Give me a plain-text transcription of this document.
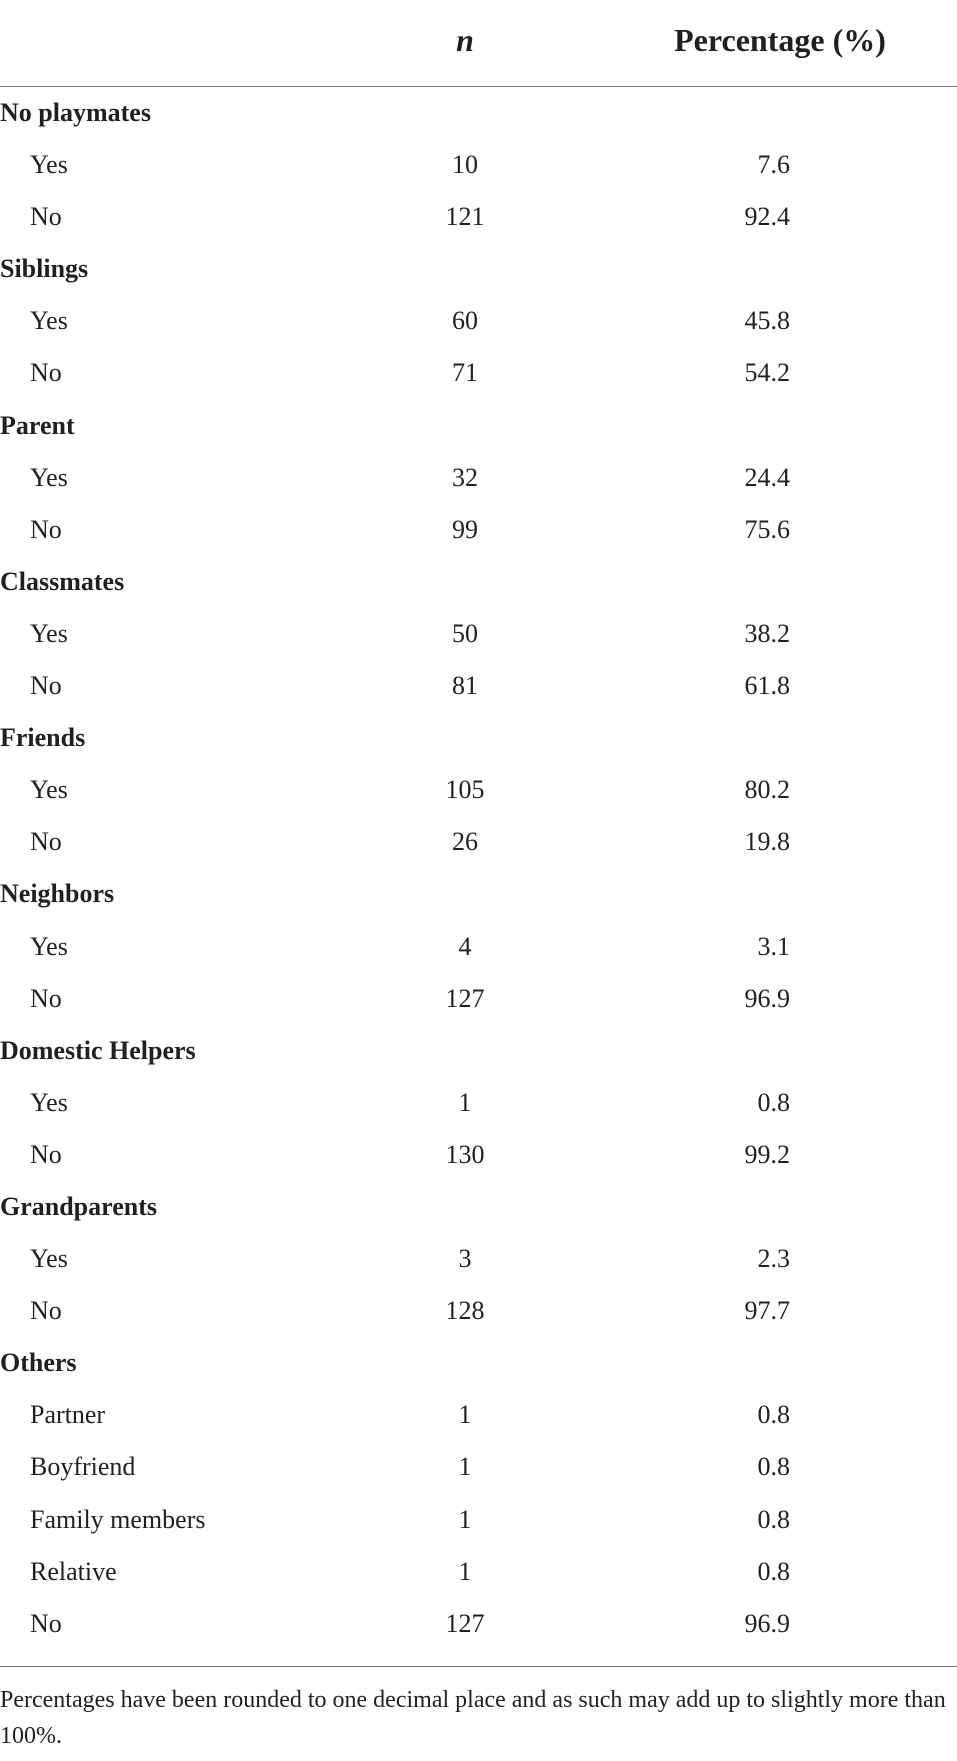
n	Percentage (%)
No playmates
Yes	10	7.6
No	121	92.4
Siblings
Yes	60	45.8
No	71	54.2
Parent
Yes	32	24.4
No	99	75.6
Classmates
Yes	50	38.2
No	81	61.8
Friends
Yes	105	80.2
No	26	19.8
Neighbors
Yes	4	3.1
No	127	96.9
Domestic Helpers
Yes	1	0.8
No	130	99.2
Grandparents
Yes	3	2.3
No	128	97.7
Others
Partner	1	0.8
Boyfriend	1	0.8
Family members	1	0.8
Relative	1	0.8
No	127	96.9
Percentages have been rounded to one decimal place and as such may add up to slightly more than 100%.
